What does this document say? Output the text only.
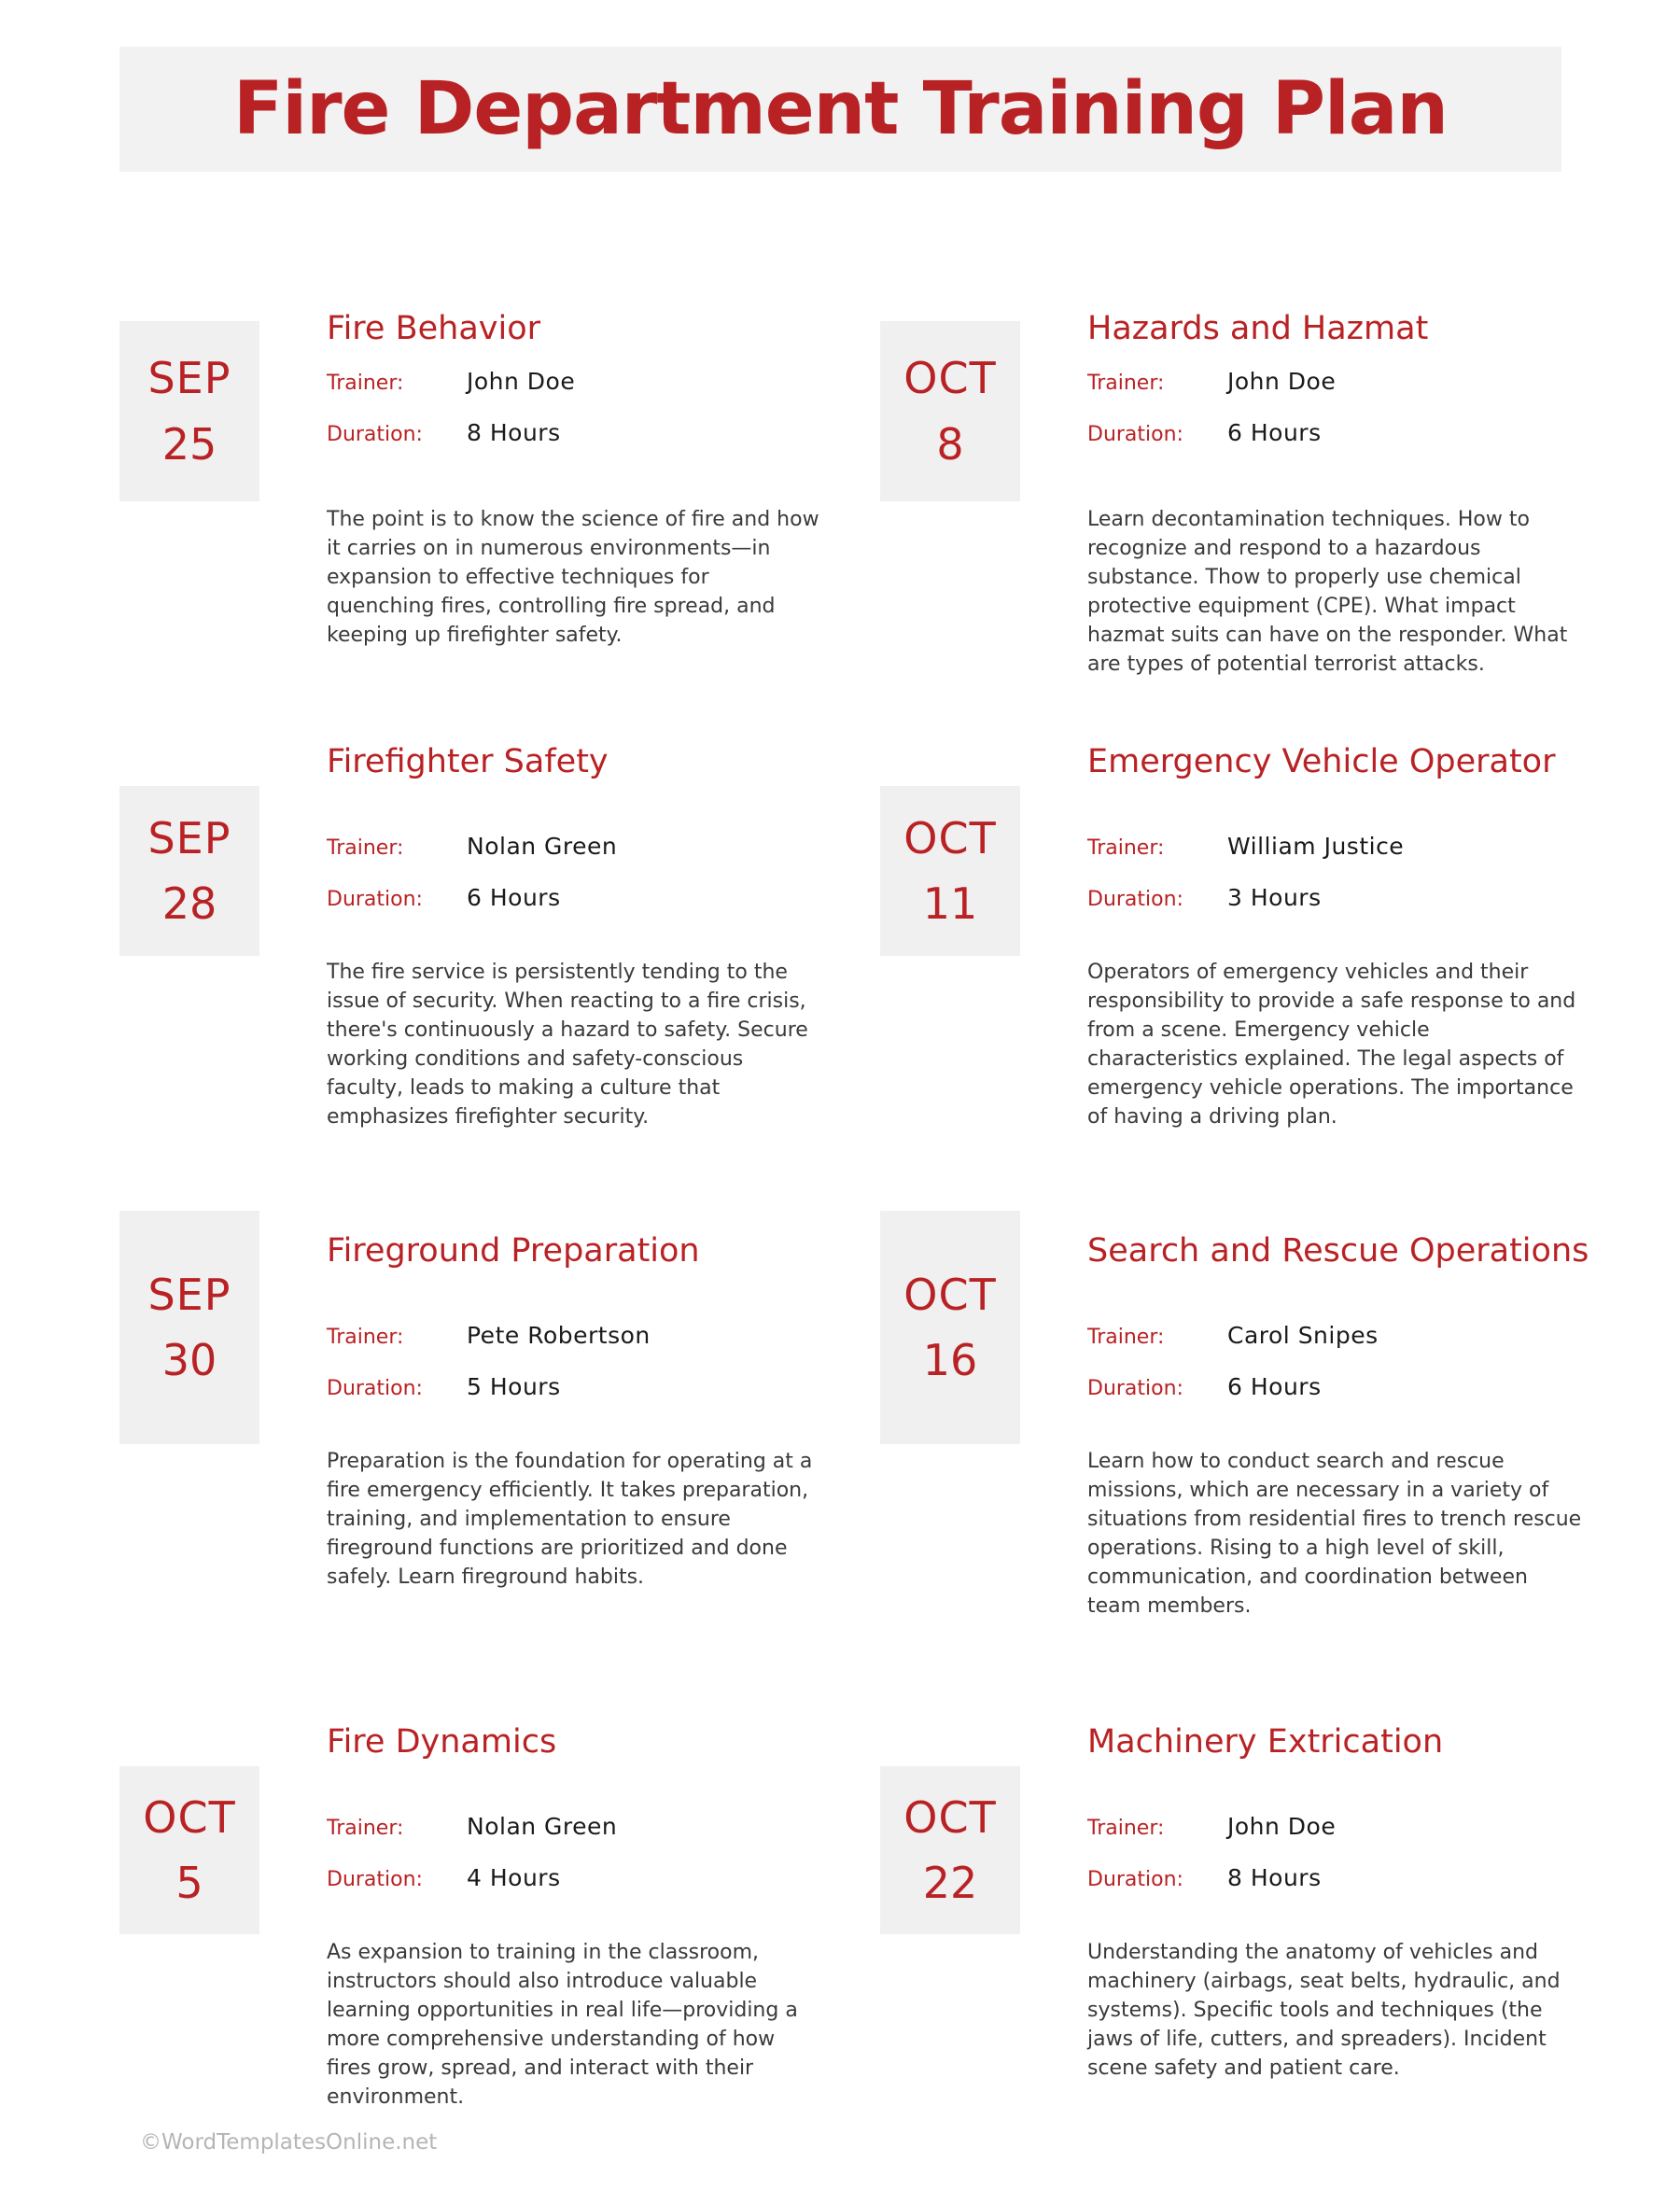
Fire Department Training Plan
SEP
25
Fire Behavior
Trainer:	John Doe
Duration:	8 Hours
The point is to know the science of fire and how it carries on in numerous environments—in expansion to effective techniques for quenching fires, controlling fire spread, and keeping up firefighter safety.
OCT
8
Hazards and Hazmat
Trainer:	John Doe
Duration:	6 Hours
Learn decontamination techniques. How to recognize and respond to a hazardous substance. Thow to properly use chemical protective equipment (CPE). What impact hazmat suits can have on the responder. What are types of potential terrorist attacks.
SEP
28
Firefighter Safety
Trainer:	Nolan Green
Duration:	6 Hours
The fire service is persistently tending to the issue of security. When reacting to a fire crisis, there's continuously a hazard to safety. Secure working conditions and safety-conscious faculty, leads to making a culture that emphasizes firefighter security.
OCT
11
Emergency Vehicle Operator
Trainer:	William Justice
Duration:	3 Hours
Operators of emergency vehicles and their responsibility to provide a safe response to and from a scene. Emergency vehicle characteristics explained. The legal aspects of emergency vehicle operations. The importance of having a driving plan.
SEP
30
Fireground Preparation
Trainer:	Pete Robertson
Duration:	5 Hours
Preparation is the foundation for operating at a fire emergency efficiently. It takes preparation, training, and implementation to ensure fireground functions are prioritized and done safely. Learn fireground habits.
OCT
16
Search and Rescue Operations
Trainer:	Carol Snipes
Duration:	6 Hours
Learn how to conduct search and rescue missions, which are necessary in a variety of situations from residential fires to trench rescue operations. Rising to a high level of skill, communication, and coordination between team members.
OCT
5
Fire Dynamics
Trainer:	Nolan Green
Duration:	4 Hours
As expansion to training in the classroom, instructors should also introduce valuable learning opportunities in real life—providing a more comprehensive understanding of how fires grow, spread, and interact with their environment.
OCT
22
Machinery Extrication
Trainer:	John Doe
Duration:	8 Hours
Understanding the anatomy of vehicles and machinery (airbags, seat belts, hydraulic, and systems). Specific tools and techniques (the jaws of life, cutters, and spreaders). Incident scene safety and patient care.
©WordTemplatesOnline.net
